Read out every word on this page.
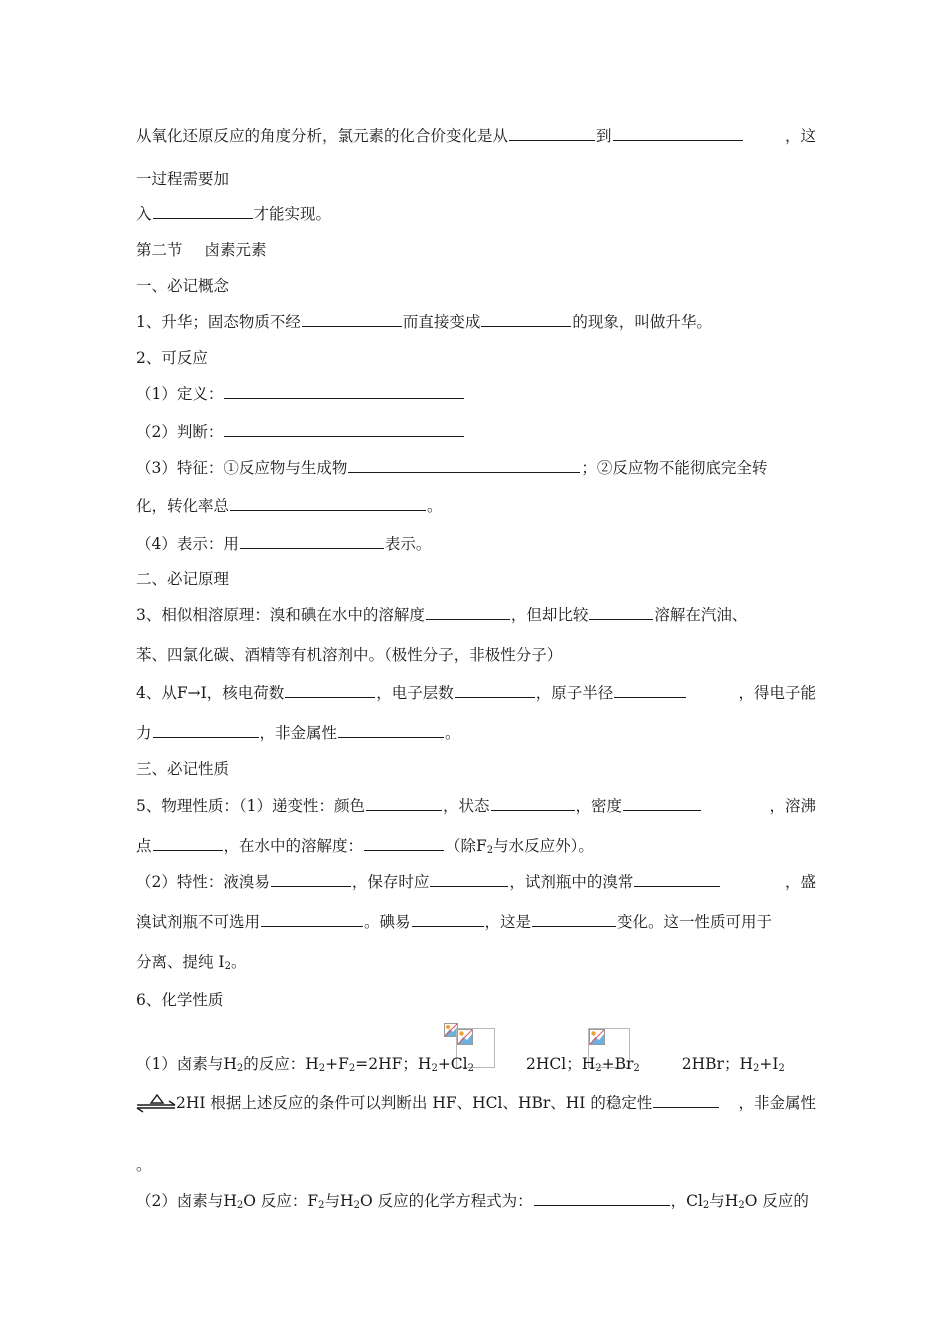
从氧化还原反应的角度分析，氯元素的化合价变化是从	到	，这
一过程需要加
入	才能实现。
第二节 卤素元素
一、必记概念
1、升华；固态物质不经	而直接变成	的现象，叫做升华。
2、可反应
（1）定义：
（2）判断：
（3）特征：①反应物与生成物	；②反应物不能彻底完全转
化，转化率总	。
（4）表示：用	表示。
二、必记原理
3、相似相溶原理：溴和碘在水中的溶解度	，但却比较	溶解在汽油、
苯、四氯化碳、酒精等有机溶剂中。（极性分子，非极性分子）
4、从F→I，核电荷数	，电子层数	，原子半径	，得电子能
力	，非金属性	。
三、必记性质
5、物理性质：（1）递变性：颜色	，状态	，密度	，溶沸
点	，在水中的溶解度：	（除$F_2$与水反应外）。
（2）特性：液溴易	，保存时应	，试剂瓶中的溴常	，盛
溴试剂瓶不可选用	。碘易	，这是	变化。这一性质可用于
分离、提纯 $I_2$。
6、化学性质
（1）卤素与$H_2$的反应：$H_2+F_2=2HF$；$H_2+Cl_2$	2HCl；$H_2+Br_2$	2HBr；$H_2+I_2$
2HI 根据上述反应的条件可以判断出 HF、HCl、HBr、HI 的稳定性	，非金属性
。
（2）卤素与$H_2O$ 反应：$F_2$与$H_2O$ 反应的化学方程式为：	，$Cl_2$与$H_2O$ 反应的
